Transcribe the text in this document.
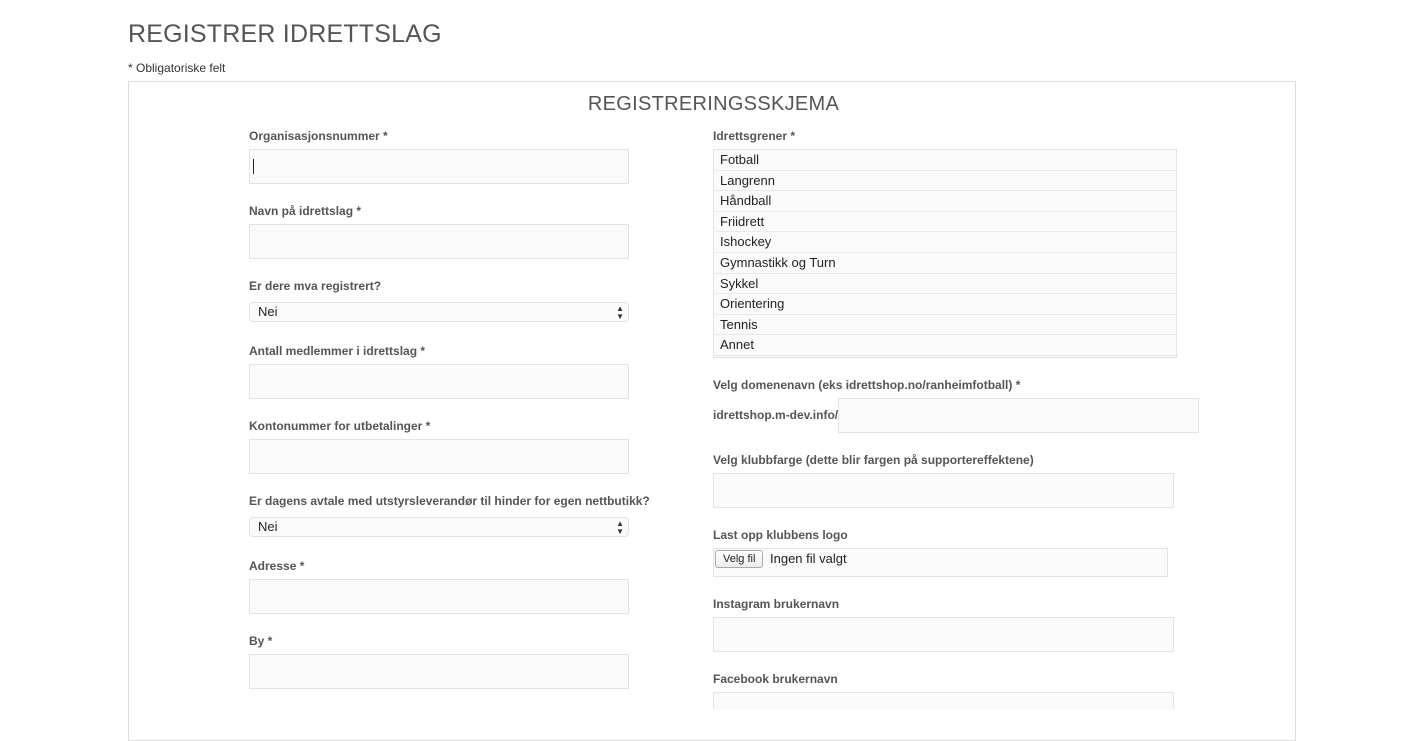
REGISTRER IDRETTSLAG
* Obligatoriske felt
REGISTRERINGSSKJEMA
Organisasjonsnummer *
Navn på idrettslag *
Er dere mva registrert?
Nei	▲
▼
Antall medlemmer i idrettslag *
Kontonummer for utbetalinger *
Er dagens avtale med utstyrsleverandør til hinder for egen nettbutikk?
Nei	▲
▼
Adresse *
By *
Idrettsgrener *
Fotball
Langrenn
Håndball
Friidrett
Ishockey
Gymnastikk og Turn
Sykkel
Orientering
Tennis
Annet
Velg domenenavn (eks idrettshop.no/ranheimfotball) *
idrettshop.m-dev.info/
Velg klubbfarge (dette blir fargen på supportereffektene)
Last opp klubbens logo
Velg fil	Ingen fil valgt
Instagram brukernavn
Facebook brukernavn
